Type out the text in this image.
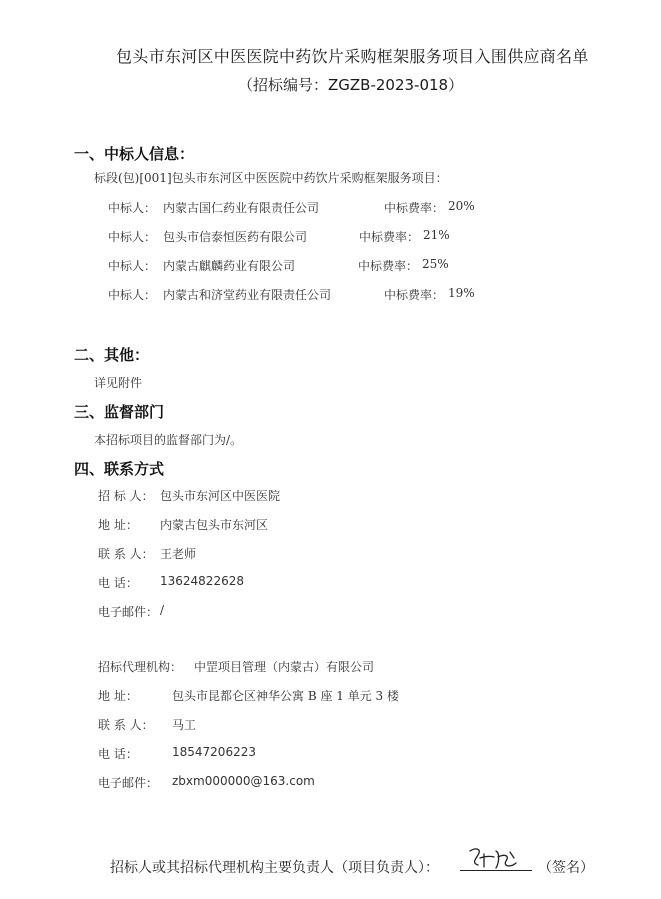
包头市东河区中医医院中药饮片采购框架服务项目入围供应商名单
（招标编号：ZGZB-2023-018）
一、中标人信息：
标段(包)[001]包头市东河区中医医院中药饮片采购框架服务项目：
中标人： 内蒙古国仁药业有限责任公司	中标费率： 20%
中标人： 包头市信泰恒医药有限公司	中标费率： 21%
中标人： 内蒙古麒麟药业有限公司	中标费率： 25%
中标人： 内蒙古和济堂药业有限责任公司	中标费率： 19%
二、其他：
详见附件
三、监督部门
本招标项目的监督部门为/。
四、联系方式
招 标 人： 包头市东河区中医医院
地 址： 内蒙古包头市东河区
联 系 人： 王老师
电 话： 13624822628
电子邮件： /
招标代理机构： 中罡项目管理（内蒙古）有限公司
地 址：	包头市昆都仑区神华公寓 B 座 1 单元 3 楼
联 系 人： 马工
电 话：	18547206223
电子邮件： zbxm000000@163.com
招标人或其招标代理机构主要负责人（项目负责人）：	（签名）
